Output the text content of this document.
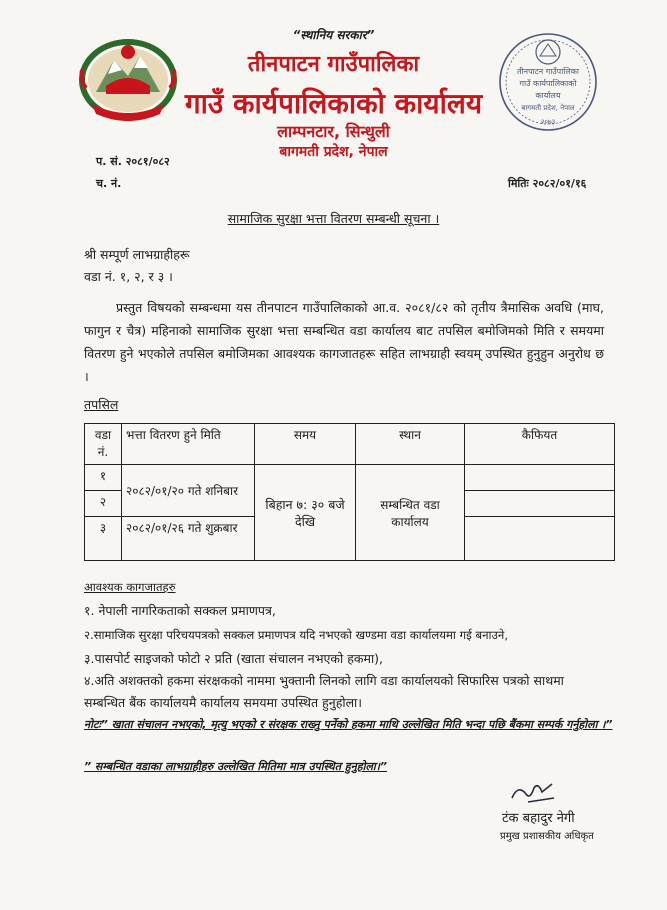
तीनपाटन गाउँपालिका
गाउँ कार्यपालिकाको
कार्यालय
बागमती प्रदेश, नेपाल
२०७३
“स्थानिय सरकार”
तीनपाटन गाउँपालिका
गाउँ कार्यपालिकाको कार्यालय
लाम्पनटार, सिन्धुली
बागमती प्रदेश, नेपाल
प. सं. २०८१/०८२
च. नं.	मितिः २०८२/०१/१६
सामाजिक सुरक्षा भत्ता वितरण सम्बन्धी सूचना ।
श्री सम्पूर्ण लाभग्राहीहरू
वडा नं. १, २, र ३ ।
प्रस्तुत विषयको सम्बन्धमा यस तीनपाटन गाउँपालिकाको आ.व. २०८१/८२ को तृतीय त्रैमासिक अवधि (माघ, फागुन र चैत्र) महिनाको सामाजिक सुरक्षा भत्ता सम्बन्धित वडा कार्यालय बाट तपसिल बमोजिमको मिति र समयमा वितरण हुने भएकोले तपसिल बमोजिमका आवश्यक कागजातहरू सहित लाभग्राही स्वयम् उपस्थित हुनुहुन अनुरोध छ ।
तपसिल
वडा नं.	भत्ता वितरण हुने मिति	समय	स्थान	कैफियत
१	२०८२/०१/२० गते शनिबार	बिहान ७: ३० बजे देखि	सम्बन्धित वडा कार्यालय	
२				
३	२०८२/०१/२६ गते शुक्रबार			
आवश्यक कागजातहरु
१. नेपाली नागरिकताको सक्कल प्रमाणपत्र,
२.सामाजिक सुरक्षा परिचयपत्रको सक्कल प्रमाणपत्र यदि नभएको खण्डमा वडा कार्यालयमा गई बनाउने,
३.पासपोर्ट साइजको फोटो २ प्रति (खाता संचालन नभएको हकमा),
४.अति अशक्तको हकमा संरक्षकको नाममा भुक्तानी लिनको लागि वडा कार्यालयको सिफारिस पत्रको साथमा सम्बन्धित बैंक कार्यालयमै कार्यालय समयमा उपस्थित हुनुहोला।
नोटः” खाता संचालन नभएको, मृत्यु भएको र संरक्षक राख्नु पर्नेको हकमा माथि उल्लेखित मिति भन्दा पछि बैंकमा सम्पर्क गर्नुहोला ।”
” सम्बन्धित वडाका लाभग्राहीहरु उल्लेखित मितिमा मात्र उपस्थित हुनुहोला।”
टंक बहादुर नेगी
प्रमुख प्रशासकीय अधिकृत
